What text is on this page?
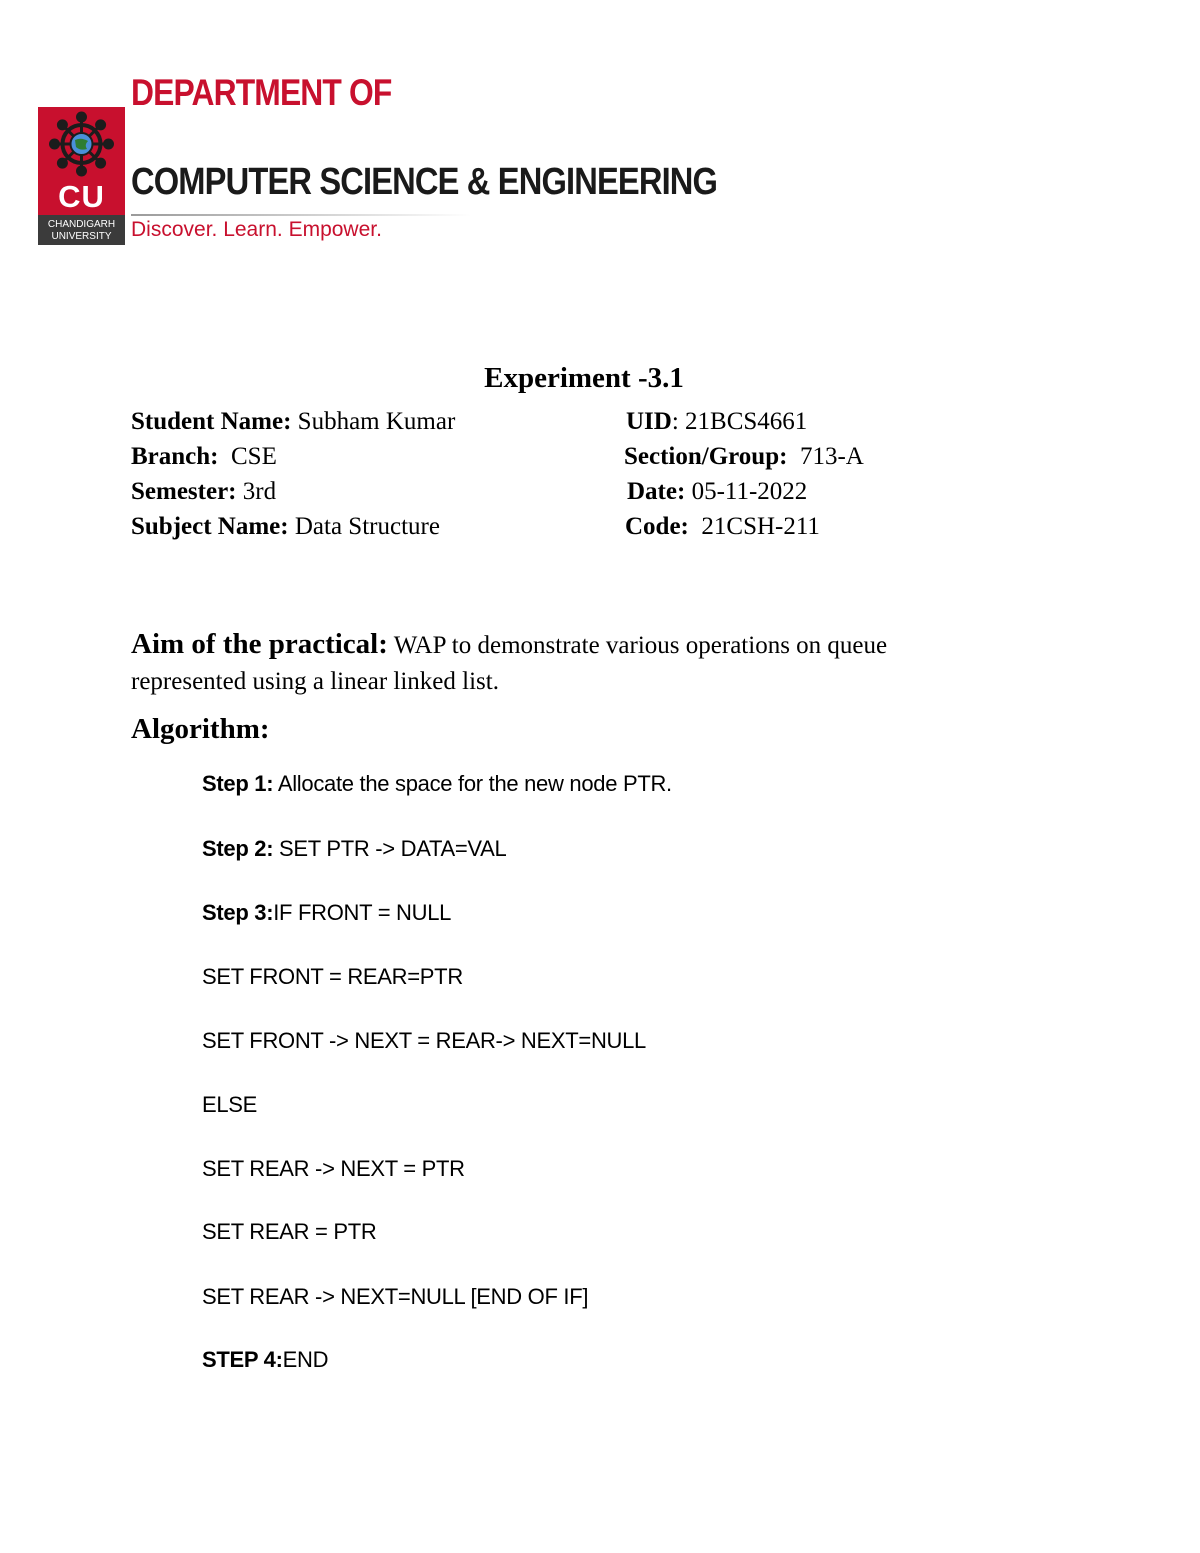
CU
CHANDIGARH
UNIVERSITY
DEPARTMENT OF
COMPUTER SCIENCE & ENGINEERING
Discover. Learn. Empower.
Experiment -3.1
Student Name: Subham Kumar	UID: 21BCS4661
Branch:  CSE	Section/Group:  713-A
Semester: 3rd	Date: 05-11-2022
Subject Name: Data Structure	Code:  21CSH-211
Aim of the practical: WAP to demonstrate various operations on queue represented using a linear linked list.
Algorithm:
Step 1: Allocate the space for the new node PTR.
Step 2: SET PTR -> DATA=VAL
Step 3:IF FRONT = NULL
SET FRONT = REAR=PTR
SET FRONT -> NEXT = REAR-> NEXT=NULL
ELSE
SET REAR -> NEXT = PTR
SET REAR = PTR
SET REAR -> NEXT=NULL [END OF IF]
STEP 4:END
